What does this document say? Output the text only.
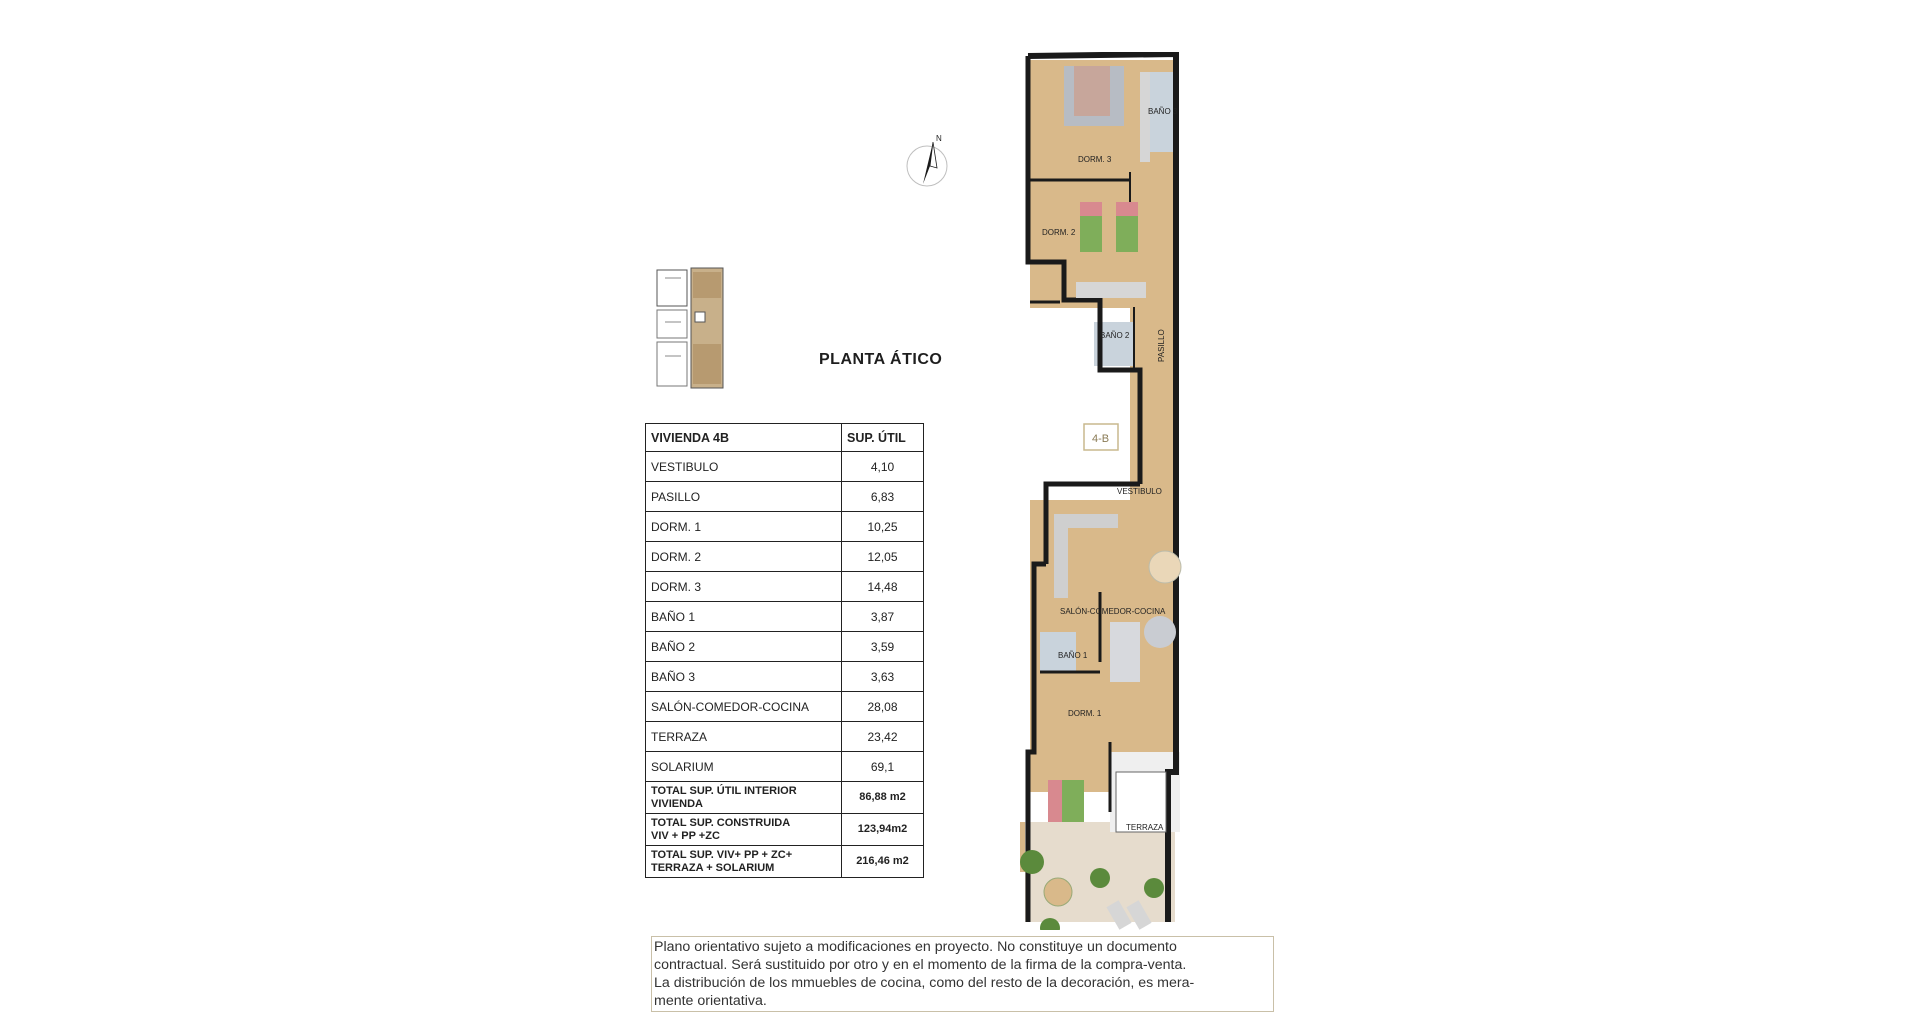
N
PLANTA ÁTICO
VIVIENDA 4B	SUP. ÚTIL
VESTIBULO	4,10
PASILLO	6,83
DORM. 1	10,25
DORM. 2	12,05
DORM. 3	14,48
BAÑO 1	3,87
BAÑO 2	3,59
BAÑO 3	3,63
SALÓN-COMEDOR-COCINA	28,08
TERRAZA	23,42
SOLARIUM	69,1
TOTAL SUP. ÚTIL INTERIOR
VIVIENDA	86,88 m2
TOTAL SUP. CONSTRUIDA
VIV + PP +ZC	123,94m2
TOTAL SUP. VIV+ PP + ZC+
TERRAZA + SOLARIUM	216,46 m2
4-B
DORM. 3
BAÑO 3
DORM. 2
BAÑO 2	PASILLO
VESTIBULO
SALÓN-COMEDOR-COCINA
BAÑO 1
DORM. 1
TERRAZA

Plano orientativo sujeto a modificaciones en proyecto. No constituye un documento

contractual. Será sustituido por otro y en el momento de la firma de la compra-venta.

La distribución de los mmuebles de cocina, como del resto de la decoración, es mera-

mente orientativa.
